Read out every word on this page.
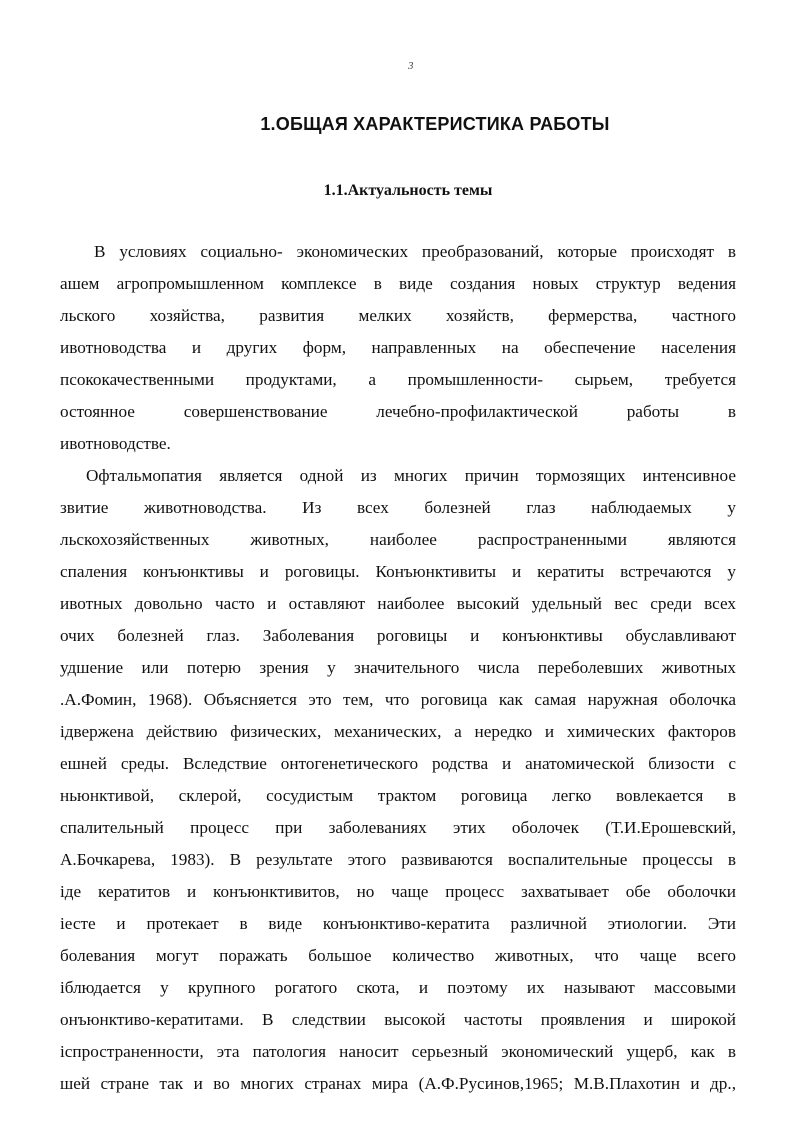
3
1.ОБЩАЯ ХАРАКТЕРИСТИКА РАБОТЫ
1.1.Актуальность темы
В условиях социально- экономических преобразований, которые происходят в
ашем агропромышленном комплексе в виде создания новых структур ведения
льского хозяйства, развития мелких хозяйств, фермерства, частного
ивотноводства и других форм, направленных на обеспечение населения
псококачественными продуктами, а промышленности- сырьем, требуется
остоянное совершенствование лечебно-профилактической работы в
ивотноводстве.
Офтальмопатия является одной из многих причин тормозящих интенсивное
звитие животноводства. Из всех болезней глаз наблюдаемых у
льскохозяйственных животных, наиболее распространенными являются
спаления конъюнктивы и роговицы. Конъюнктивиты и кератиты встречаются у
ивотных довольно часто и оставляют наиболее высокий удельный вес среди всех
очих болезней глаз. Заболевания роговицы и конъюнктивы обуславливают
удшение или потерю зрения у значительного числа переболевших животных
.А.Фомин, 1968). Объясняется это тем, что роговица как самая наружная оболочка
ідвержена действию физических, механических, а нередко и химических факторов
ешней среды. Вследствие онтогенетического родства и анатомической близости с
ньюнктивой, склерой, сосудистым трактом роговица легко вовлекается в
спалительный процесс при заболеваниях этих оболочек (Т.И.Ерошевский,
А.Бочкарева, 1983). В результате этого развиваются воспалительные процессы в
іде кератитов и конъюнктивитов, но чаще процесс захватывает обе оболочки
іесте и протекает в виде конъюнктиво-кератита различной этиологии. Эти
болевания могут поражать большое количество животных, что чаще всего
іблюдается у крупного рогатого скота, и поэтому их называют массовыми
онъюнктиво-кератитами. В следствии высокой частоты проявления и широкой
іспространенности, эта патология наносит серьезный экономический ущерб, как в
шей стране так и во многих странах мира (А.Ф.Русинов,1965; М.В.Плахотин и др.,
